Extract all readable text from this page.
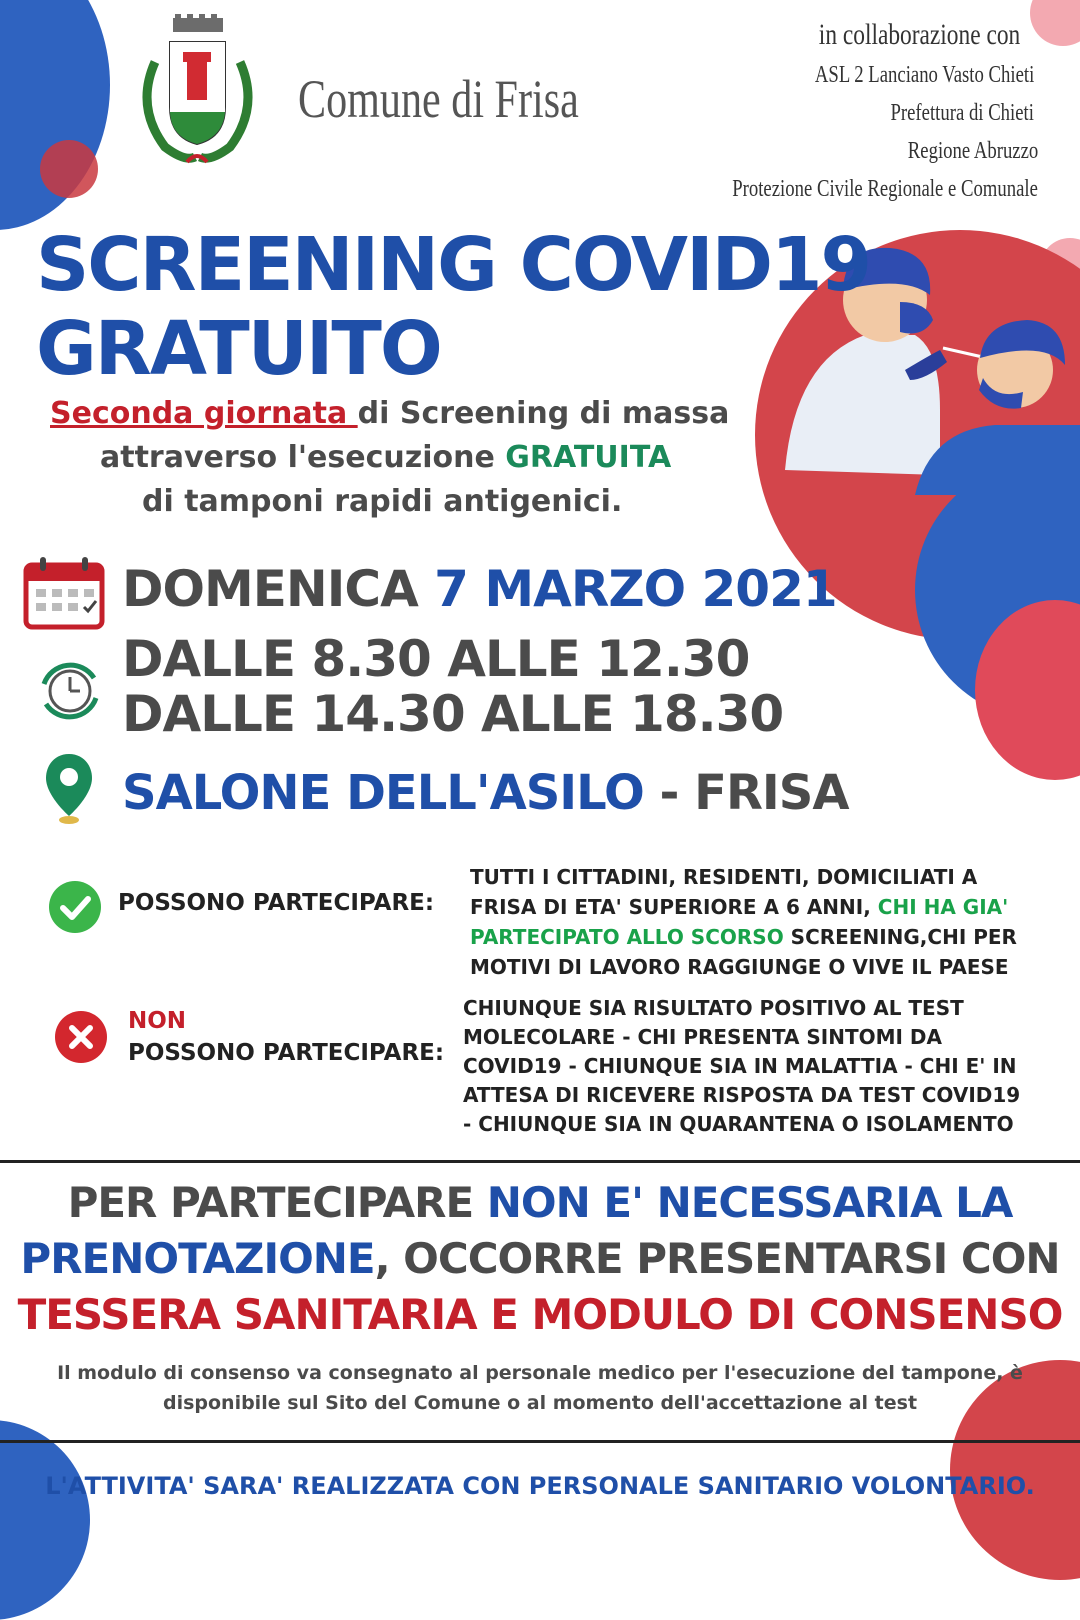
Comune di Frisa
in collaborazione con
ASL 2 Lanciano Vasto Chieti
Prefettura di Chieti
Regione Abruzzo
Protezione Civile Regionale e Comunale
SCREENING COVID19
GRATUITO
Seconda giornata di Screening di massa
attraverso l'esecuzione GRATUITA
di tamponi rapidi antigenici.
DOMENICA 7 MARZO 2021
DALLE 8.30 ALLE 12.30
DALLE 14.30 ALLE 18.30
SALONE DELL'ASILO - FRISA
POSSONO PARTECIPARE:
TUTTI I CITTADINI, RESIDENTI, DOMICILIATI A FRISA DI ETA' SUPERIORE A 6 ANNI, CHI HA GIA' PARTECIPATO ALLO SCORSO SCREENING,CHI PER MOTIVI DI LAVORO RAGGIUNGE O VIVE IL PAESE
NON
POSSONO PARTECIPARE:
CHIUNQUE SIA RISULTATO POSITIVO AL TEST MOLECOLARE - CHI PRESENTA SINTOMI DA COVID19 - CHIUNQUE SIA IN MALATTIA - CHI E' IN ATTESA DI RICEVERE RISPOSTA DA TEST COVID19 - CHIUNQUE SIA IN QUARANTENA O ISOLAMENTO
PER PARTECIPARE NON E' NECESSARIA LA
PRENOTAZIONE, OCCORRE PRESENTARSI CON
TESSERA SANITARIA E MODULO DI CONSENSO
Il modulo di consenso va consegnato al personale medico per l'esecuzione del tampone, è
disponibile sul Sito del Comune o al momento dell'accettazione al test
L'ATTIVITA' SARA' REALIZZATA CON PERSONALE SANITARIO VOLONTARIO.
